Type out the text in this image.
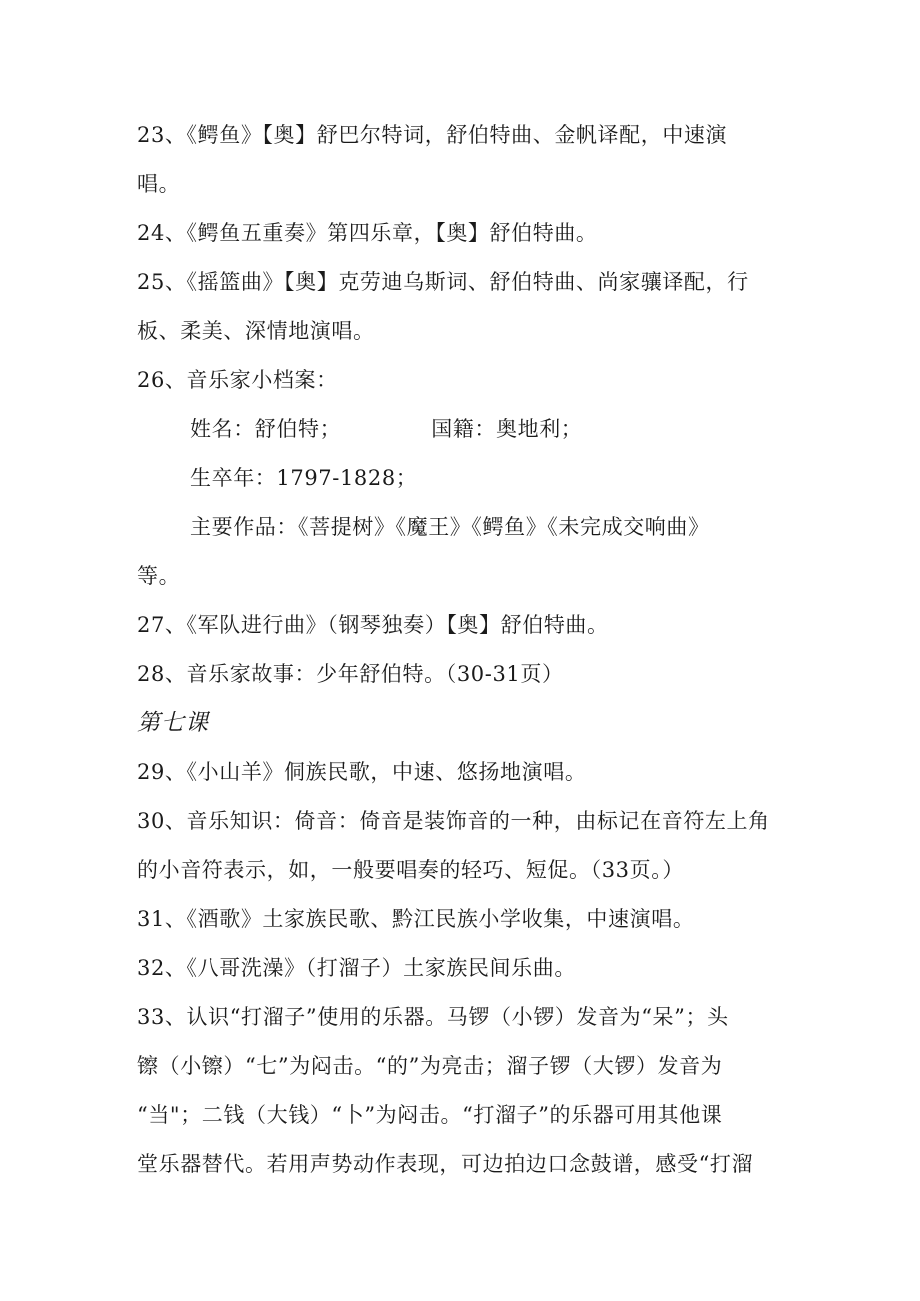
23、《鳄鱼》【奥】舒巴尔特词，舒伯特曲、金帆译配，中速演
唱。
24、《鳄鱼五重奏》第四乐章，【奥】舒伯特曲。
25、《摇篮曲》【奥】克劳迪乌斯词、舒伯特曲、尚家骧译配，行
板、柔美、深情地演唱。
26、音乐家小档案：
姓名：舒伯特；	国籍：奥地利；
生卒年：1797-1828；
主要作品：《菩提树》《魔王》《鳄鱼》《未完成交响曲》
等。
27、《军队进行曲》（钢琴独奏）【奥】舒伯特曲。
28、音乐家故事：少年舒伯特。（30-31页）
第七课
29、《小山羊》侗族民歌，中速、悠扬地演唱。
30、音乐知识：倚音：倚音是装饰音的一种，由标记在音符左上角
的小音符表示，如，一般要唱奏的轻巧、短促。（33页。）
31、《酒歌》土家族民歌、黔江民族小学收集，中速演唱。
32、《八哥洗澡》（打溜子）土家族民间乐曲。
33、认识“打溜子”使用的乐器。马锣（小锣）发音为“呆”；头
镲（小镲）“七”为闷击。“的”为亮击；溜子锣（大锣）发音为
“当"；二钱（大钱）“卜”为闷击。“打溜子”的乐器可用其他课
堂乐器替代。若用声势动作表现，可边拍边口念鼓谱，感受“打溜
